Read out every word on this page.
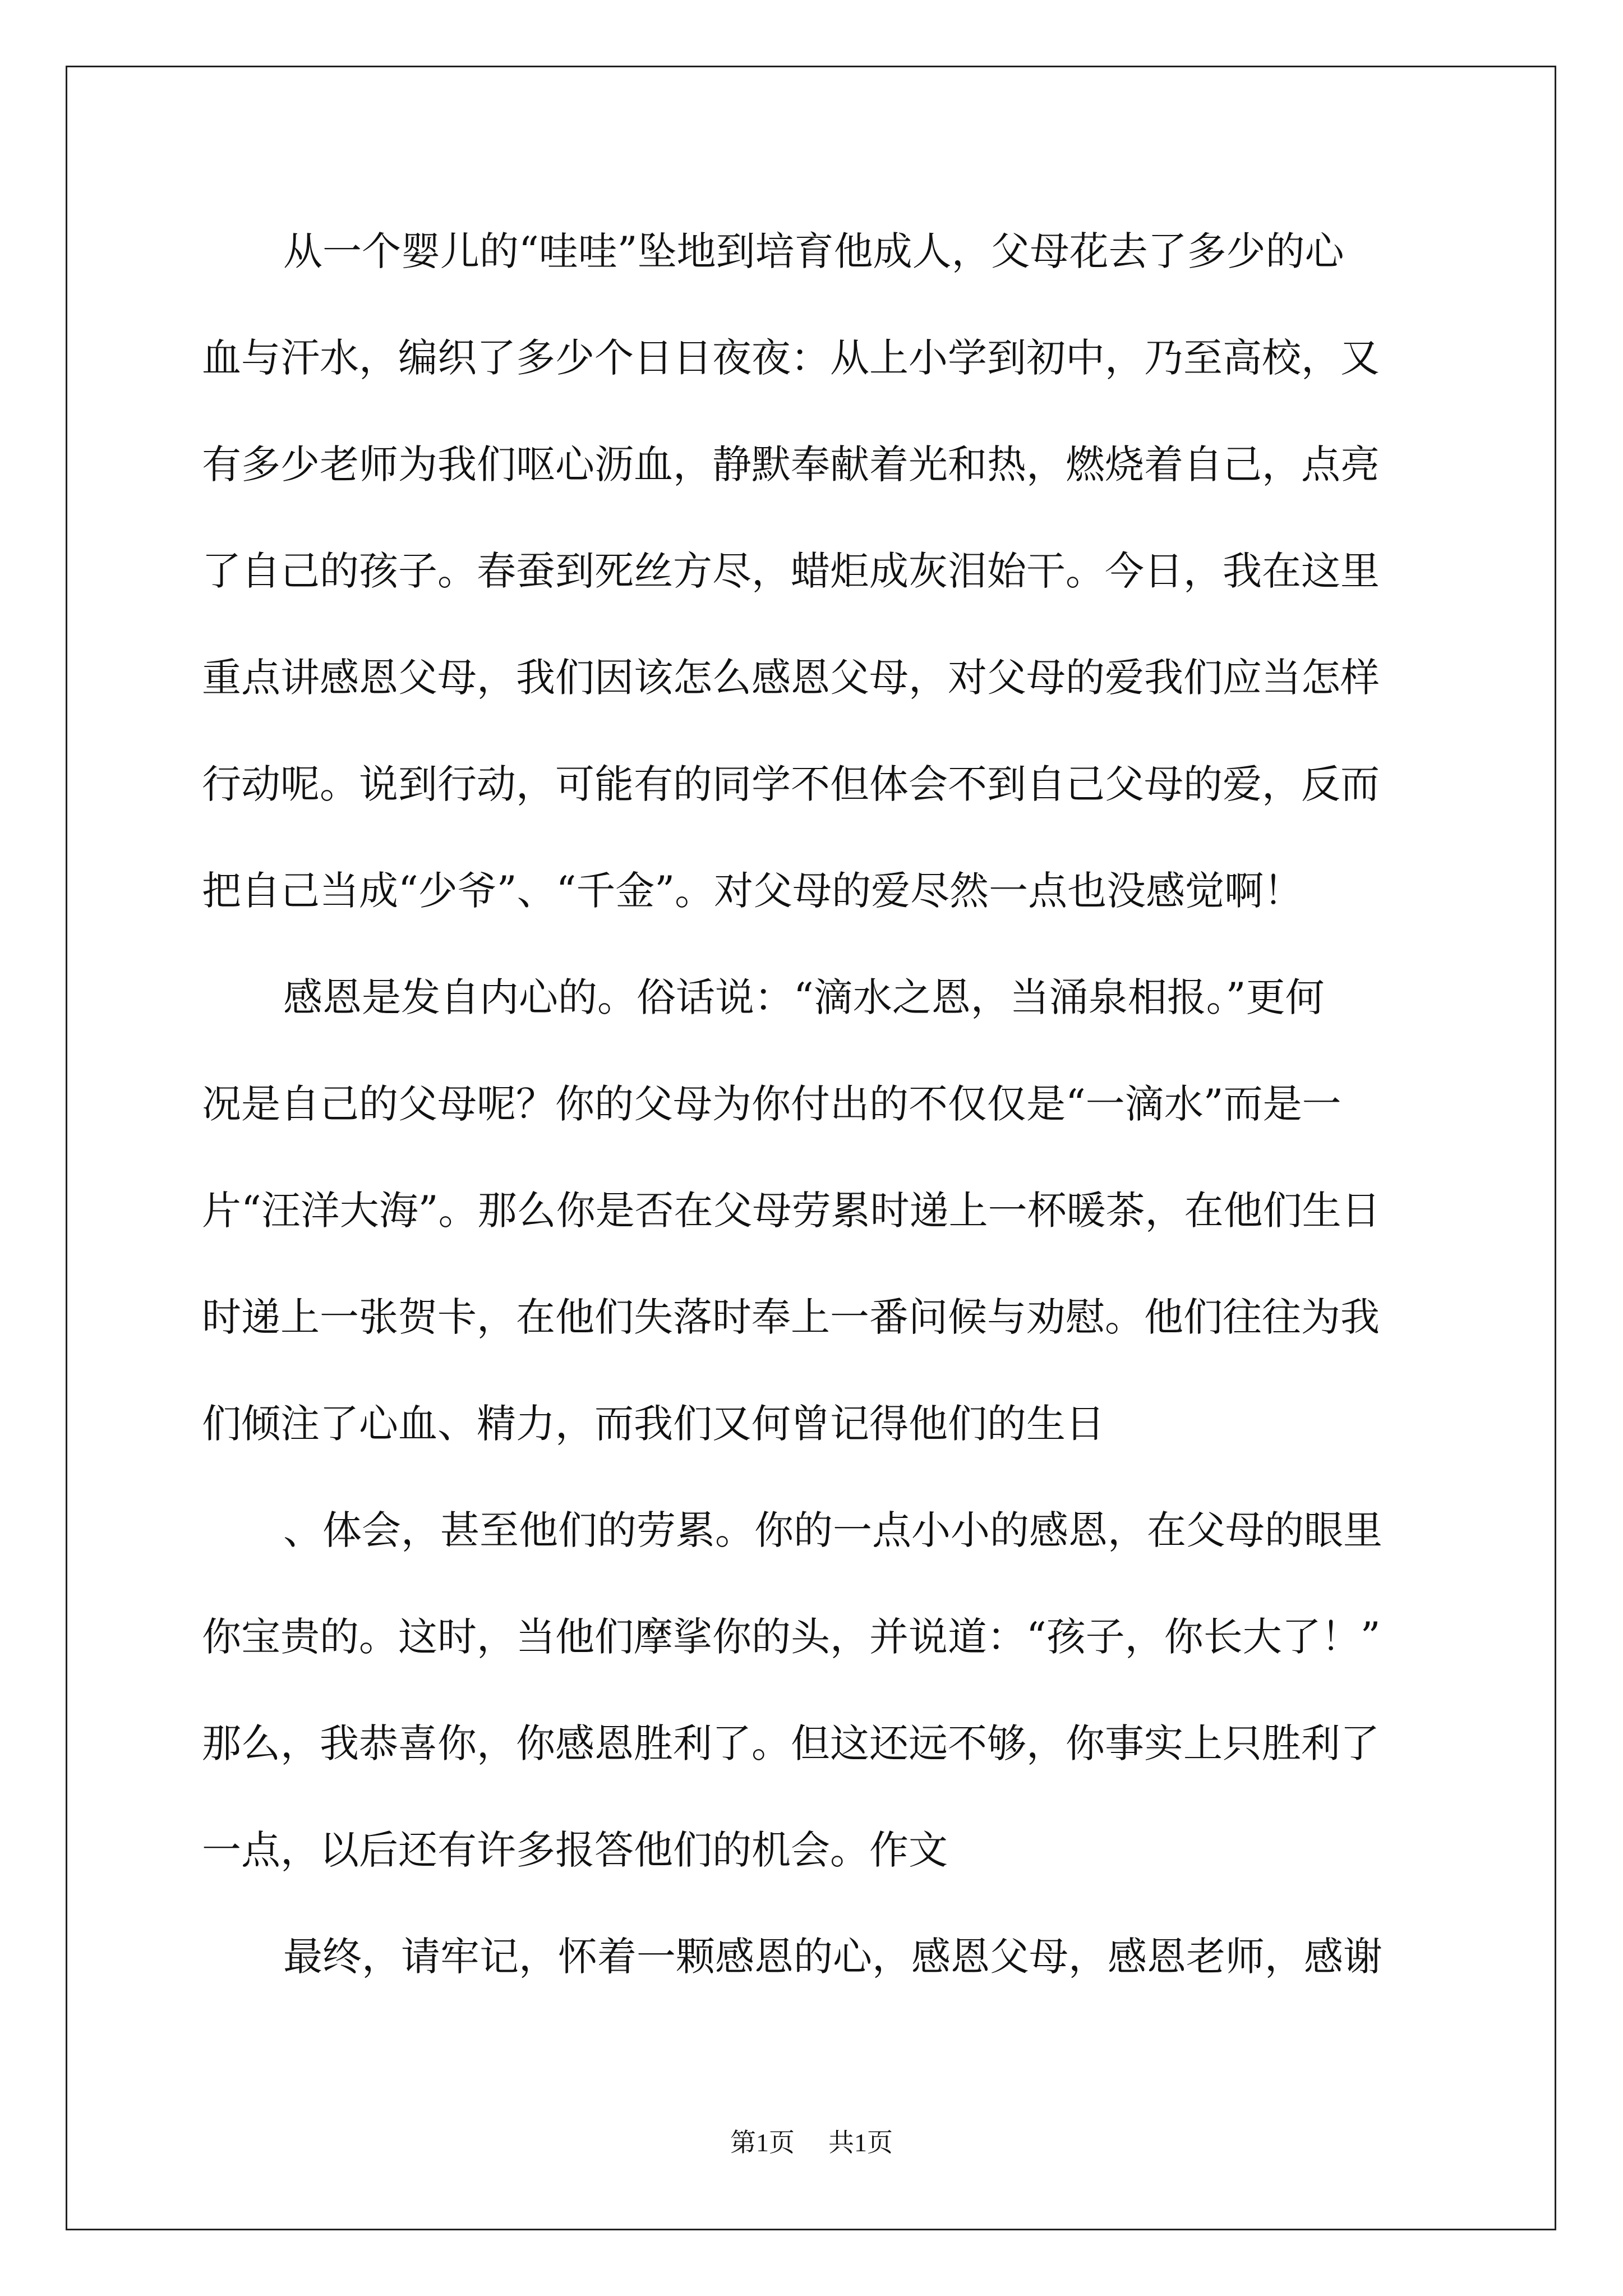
从一个婴儿的“哇哇”坠地到培育他成人，父母花去了多少的心
血与汗水，编织了多少个日日夜夜：从上小学到初中，乃至高校，又
有多少老师为我们呕心沥血，静默奉献着光和热，燃烧着自己，点亮
了自己的孩子。春蚕到死丝方尽，蜡炬成灰泪始干。今日，我在这里
重点讲感恩父母，我们因该怎么感恩父母，对父母的爱我们应当怎样
行动呢。说到行动，可能有的同学不但体会不到自己父母的爱，反而
把自己当成“少爷”、“千金”。对父母的爱尽然一点也没感觉啊！
感恩是发自内心的。俗话说：“滴水之恩，当涌泉相报。”更何
况是自己的父母呢？你的父母为你付出的不仅仅是“一滴水”而是一
片“汪洋大海”。那么你是否在父母劳累时递上一杯暖茶，在他们生日
时递上一张贺卡，在他们失落时奉上一番问候与劝慰。他们往往为我
们倾注了心血、精力，而我们又何曾记得他们的生日
、体会，甚至他们的劳累。你的一点小小的感恩，在父母的眼里
你宝贵的。这时，当他们摩挲你的头，并说道：“孩子，你长大了！”
那么，我恭喜你，你感恩胜利了。但这还远不够，你事实上只胜利了
一点，以后还有许多报答他们的机会。作文
最终，请牢记，怀着一颗感恩的心，感恩父母，感恩老师，感谢
第1页 共1页
